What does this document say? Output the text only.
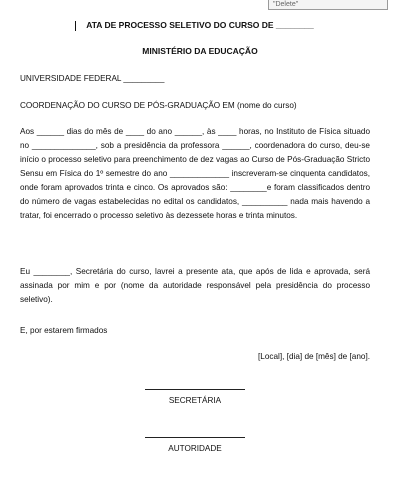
"Delete"
ATA DE PROCESSO SELETIVO DO CURSO DE ________
MINISTÉRIO DA EDUCAÇÃO
UNIVERSIDADE FEDERAL _________
COORDENAÇÃO DO CURSO DE PÓS-GRADUAÇÃO EM (nome do curso)
Aos ______ dias do mês de ____ do ano ______, às ____ horas, no Instituto de Física situado no ______________, sob a presidência da professora ______, coordenadora do curso, deu-se início o processo seletivo para preenchimento de dez vagas ao Curso de Pós-Graduação Stricto Sensu em Física do 1º semestre do ano _____________ inscreveram-se cinquenta candidatos, onde foram aprovados trinta e cinco. Os aprovados são: ________e foram classificados dentro do número de vagas estabelecidas no edital os candidatos, __________ nada mais havendo a tratar, foi encerrado o processo seletivo às dezessete horas e trinta minutos.
Eu ________, Secretária do curso, lavrei a presente ata, que após de lida e aprovada, será assinada por mim e por (nome da autoridade responsável pela presidência do processo seletivo).
E, por estarem firmados
[Local], [dia] de [mês] de [ano].
SECRETÁRIA
AUTORIDADE
